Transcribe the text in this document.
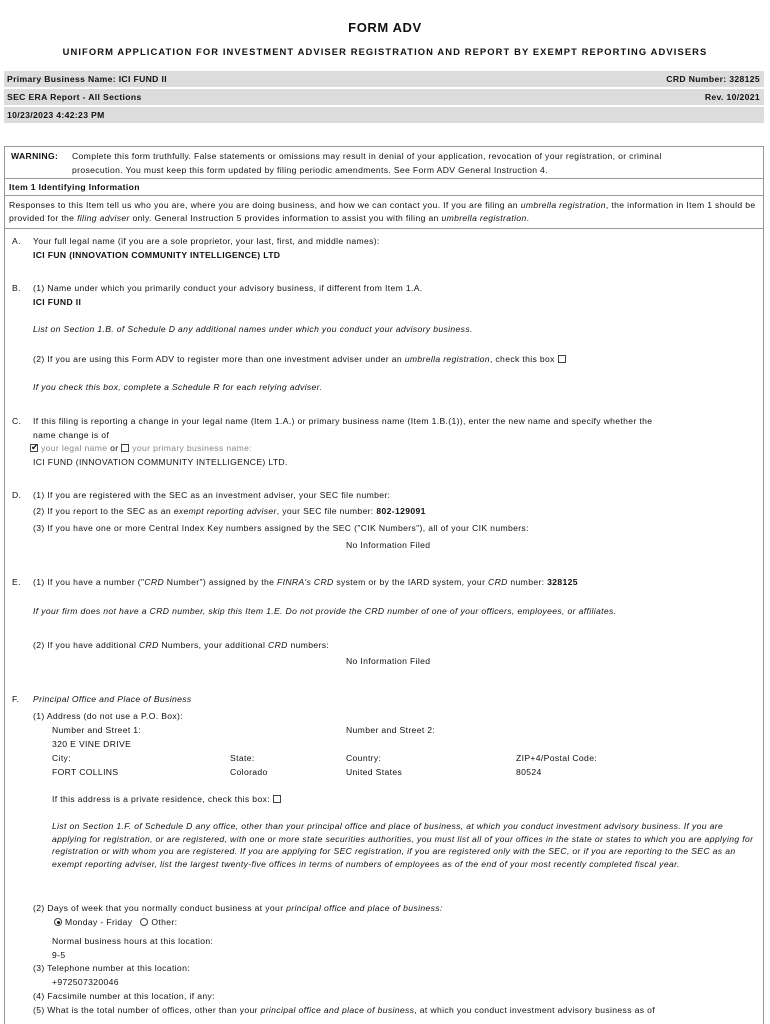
FORM ADV
UNIFORM APPLICATION FOR INVESTMENT ADVISER REGISTRATION AND REPORT BY EXEMPT REPORTING ADVISERS
Primary Business Name: ICI FUND II	CRD Number: 328125
SEC ERA Report - All Sections	Rev. 10/2021
10/23/2023 4:42:23 PM
WARNING: Complete this form truthfully. False statements or omissions may result in denial of your application, revocation of your registration, or criminal
prosecution. You must keep this form updated by filing periodic amendments. See Form ADV General Instruction 4.
Item 1 Identifying Information
Responses to this Item tell us who you are, where you are doing business, and how we can contact you. If you are filing an umbrella registration, the information in Item 1 should be provided for the filing adviser only. General Instruction 5 provides information to assist you with filing an umbrella registration.
A. Your full legal name (if you are a sole proprietor, your last, first, and middle names):
ICI FUN (INNOVATION COMMUNITY INTELLIGENCE) LTD
B. (1) Name under which you primarily conduct your advisory business, if different from Item 1.A.
ICI FUND II
List on Section 1.B. of Schedule D any additional names under which you conduct your advisory business.
(2) If you are using this Form ADV to register more than one investment adviser under an umbrella registration, check this box
If you check this box, complete a Schedule R for each relying adviser.
C. If this filing is reporting a change in your legal name (Item 1.A.) or primary business name (Item 1.B.(1)), enter the new name and specify whether the
name change is of
✔your legal name or your primary business name:
ICI FUND (INNOVATION COMMUNITY INTELLIGENCE) LTD.
D. (1) If you are registered with the SEC as an investment adviser, your SEC file number:
(2) If you report to the SEC as an exempt reporting adviser, your SEC file number: 802-129091
(3) If you have one or more Central Index Key numbers assigned by the SEC ("CIK Numbers"), all of your CIK numbers:
No Information Filed
E. (1) If you have a number ("CRD Number") assigned by the FINRA's CRD system or by the IARD system, your CRD number: 328125
If your firm does not have a CRD number, skip this Item 1.E. Do not provide the CRD number of one of your officers, employees, or affiliates.
(2) If you have additional CRD Numbers, your additional CRD numbers:
No Information Filed
F. Principal Office and Place of Business
(1) Address (do not use a P.O. Box):
Number and Street 1:	Number and Street 2:
320 E VINE DRIVE
City:	State:	Country:	ZIP+4/Postal Code:
FORT COLLINS	Colorado	United States	80524
If this address is a private residence, check this box:
List on Section 1.F. of Schedule D any office, other than your principal office and place of business, at which you conduct investment advisory business. If you are applying for registration, or are registered, with one or more state securities authorities, you must list all of your offices in the state or states to which you are applying for registration or with whom you are registered. If you are applying for SEC registration, if you are registered only with the SEC, or if you are reporting to the SEC as an exempt reporting adviser, list the largest twenty-five offices in terms of numbers of employees as of the end of your most recently completed fiscal year.
(2) Days of week that you normally conduct business at your principal office and place of business:
Monday - Friday Other:
Normal business hours at this location:
9-5
(3) Telephone number at this location:
+972507320046
(4) Facsimile number at this location, if any:
(5) What is the total number of offices, other than your principal office and place of business, at which you conduct investment advisory business as of
